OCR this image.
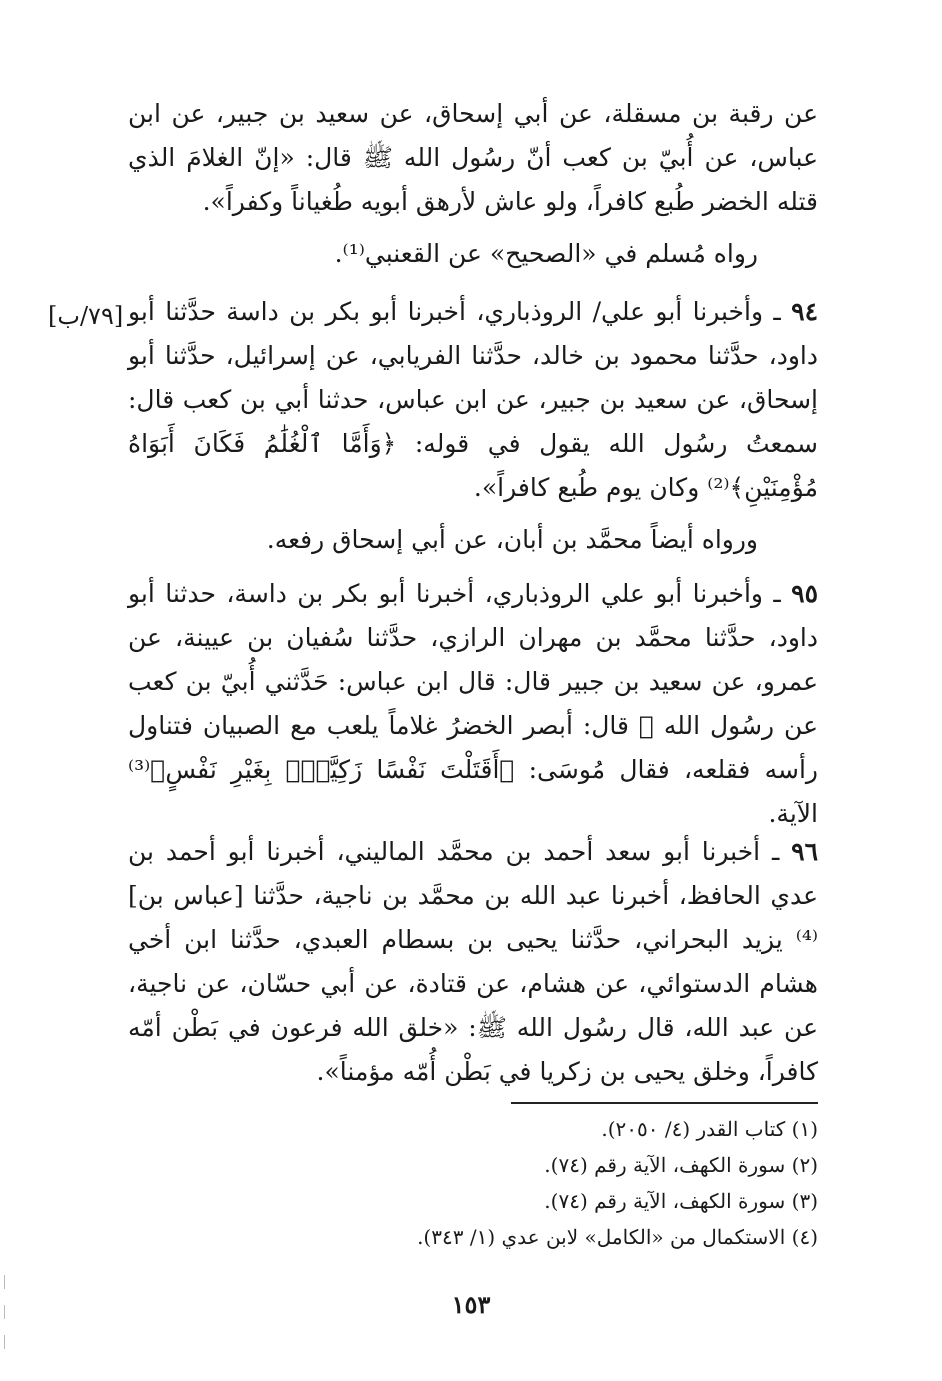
عن رقبة بن مسقلة، عن أبي إسحاق، عن سعيد بن جبير، عن ابن عباس، عن أُبيّ بن كعب أنّ رسُول الله ﷺ قال: «إنّ الغلامَ الذي قتله الخضر طُبع كافراً، ولو عاش لأرهق أبويه طُغياناً وكفراً».

رواه مُسلم في «الصحيح» عن القعنبي⁽¹⁾.

[٧٩/ب]	٩٤ ـ وأخبرنا أبو علي/ الروذباري، أخبرنا أبو بكر بن داسة حدَّثنا أبو داود، حدَّثنا محمود بن خالد، حدَّثنا الفريابي، عن إسرائيل، حدَّثنا أبو إسحاق، عن سعيد بن جبير، عن ابن عباس، حدثنا أبي بن كعب قال: سمعتُ رسُول الله يقول في قوله: ﴿وَأَمَّا ٱلْغُلَٰمُ فَكَانَ أَبَوَاهُ مُؤْمِنَيْنِ﴾⁽²⁾ وكان يوم طُبع كافراً».

ورواه أيضاً محمَّد بن أبان، عن أبي إسحاق رفعه.

٩٥ ـ وأخبرنا أبو علي الروذباري، أخبرنا أبو بكر بن داسة، حدثنا أبو داود، حدَّثنا محمَّد بن مهران الرازي، حدَّثنا سُفيان بن عيينة، عن عمرو، عن سعيد بن جبير قال: قال ابن عباس: حَدَّثني أُبيّ بن كعب عن رسُول الله ﷺ قال: أبصر الخضرُ غلاماً يلعب مع الصبيان فتناول رأسه فقلعه، فقال مُوسَى: ﴿أَقَتَلْتَ نَفْسًا زَكِيَّةًۢ بِغَيْرِ نَفْسٍ﴾⁽³⁾ الآية.

٩٦ ـ أخبرنا أبو سعد أحمد بن محمَّد الماليني، أخبرنا أبو أحمد بن عدي الحافظ، أخبرنا عبد الله بن محمَّد بن ناجية، حدَّثنا [عباس بن]⁽⁴⁾ يزيد البحراني، حدَّثنا يحيى بن بسطام العبدي، حدَّثنا ابن أخي هشام الدستوائي، عن هشام، عن قتادة، عن أبي حسّان، عن ناجية، عن عبد الله، قال رسُول الله ﷺ: «خلق الله فرعون في بَطْن أمّه كافراً، وخلق يحيى بن زكريا في بَطْن أُمّه مؤمناً».

(١) كتاب القدر (٤/ ٢٠٥٠).
(٢) سورة الكهف، الآية رقم (٧٤).
(٣) سورة الكهف، الآية رقم (٧٤).
(٤) الاستكمال من «الكامل» لابن عدي (١/ ٣٤٣).
١٥٣
